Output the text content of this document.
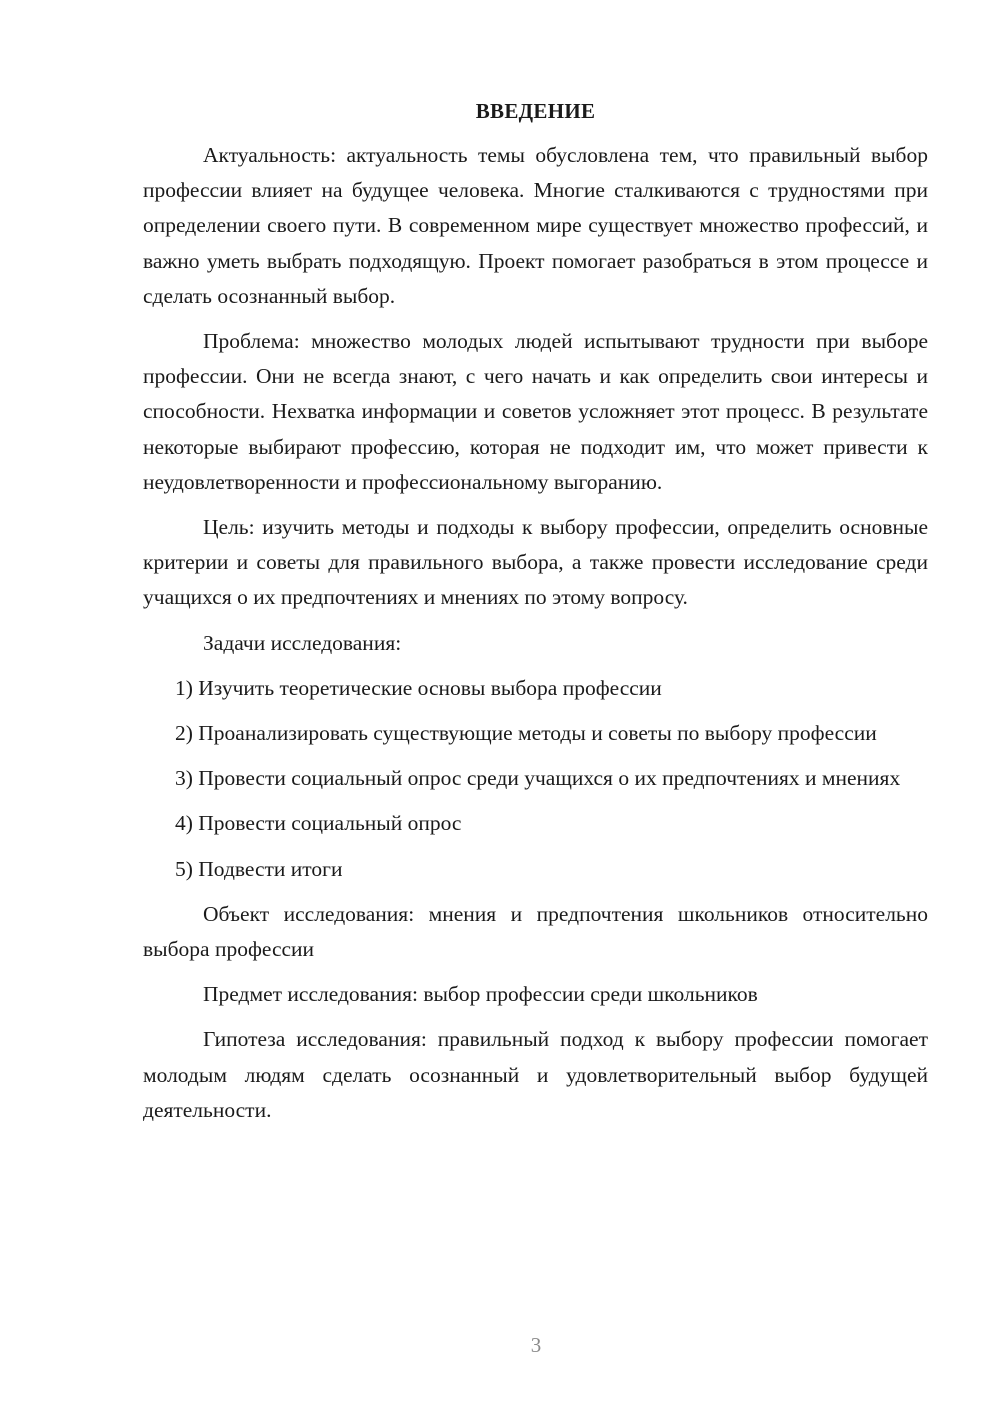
ВВЕДЕНИЕ

Актуальность: актуальность темы обусловлена тем, что правильный выбор профессии влияет на будущее человека. Многие сталкиваются с трудностями при определении своего пути. В современном мире существует множество профессий, и важно уметь выбрать подходящую. Проект помогает разобраться в этом процессе и сделать осознанный выбор.

Проблема: множество молодых людей испытывают трудности при выборе профессии. Они не всегда знают, с чего начать и как определить свои интересы и способности. Нехватка информации и советов усложняет этот процесс. В результате некоторые выбирают профессию, которая не подходит им, что может привести к неудовлетворенности и профессиональному выгоранию.

Цель: изучить методы и подходы к выбору профессии, определить основные критерии и советы для правильного выбора, а также провести исследование среди учащихся о их предпочтениях и мнениях по этому вопросу.

Задачи исследования:

1) Изучить теоретические основы выбора профессии

2) Проанализировать существующие методы и советы по выбору профессии

3) Провести социальный опрос среди учащихся о их предпочтениях и мнениях

4) Провести социальный опрос

5) Подвести итоги

Объект исследования: мнения и предпочтения школьников относительно выбора профессии

Предмет исследования: выбор профессии среди школьников

Гипотеза исследования: правильный подход к выбору профессии помогает молодым людям сделать осознанный и удовлетворительный выбор будущей деятельности.

3
